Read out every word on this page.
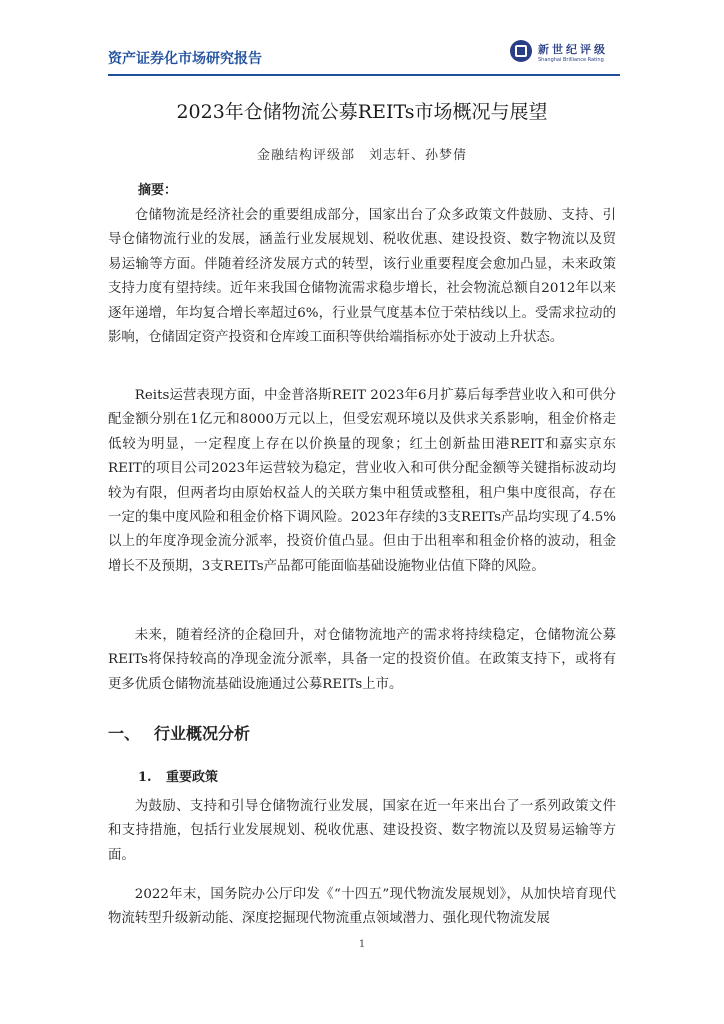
资产证券化市场研究报告
新世纪评级
Shanghai Brilliance Rating
2023年仓储物流公募REITs市场概况与展望
金融结构评级部　刘志轩、孙梦倩
摘要：

仓储物流是经济社会的重要组成部分，国家出台了众多政策文件鼓励、支持、引导仓储物流行业的发展，涵盖行业发展规划、税收优惠、建设投资、数字物流以及贸易运输等方面。伴随着经济发展方式的转型，该行业重要程度会愈加凸显，未来政策支持力度有望持续。近年来我国仓储物流需求稳步增长，社会物流总额自2012年以来逐年递增，年均复合增长率超过6%，行业景气度基本位于荣枯线以上。受需求拉动的影响，仓储固定资产投资和仓库竣工面积等供给端指标亦处于波动上升状态。

Reits运营表现方面，中金普洛斯REIT 2023年6月扩募后每季营业收入和可供分配金额分别在1亿元和8000万元以上，但受宏观环境以及供求关系影响，租金价格走低较为明显，一定程度上存在以价换量的现象；红土创新盐田港REIT和嘉实京东REIT的项目公司2023年运营较为稳定，营业收入和可供分配金额等关键指标波动均较为有限，但两者均由原始权益人的关联方集中租赁或整租，租户集中度很高，存在一定的集中度风险和租金价格下调风险。2023年存续的3支REITs产品均实现了4.5%以上的年度净现金流分派率，投资价值凸显。但由于出租率和租金价格的波动，租金增长不及预期，3支REITs产品都可能面临基础设施物业估值下降的风险。

未来，随着经济的企稳回升，对仓储物流地产的需求将持续稳定，仓储物流公募REITs将保持较高的净现金流分派率，具备一定的投资价值。在政策支持下，或将有更多优质仓储物流基础设施通过公募REITs上市。

一、 行业概况分析
1. 重要政策

为鼓励、支持和引导仓储物流行业发展，国家在近一年来出台了一系列政策文件和支持措施，包括行业发展规划、税收优惠、建设投资、数字物流以及贸易运输等方面。

2022年末，国务院办公厅印发《“十四五”现代物流发展规划》，从加快培育现代物流转型升级新动能、深度挖掘现代物流重点领域潜力、强化现代物流发展

1
